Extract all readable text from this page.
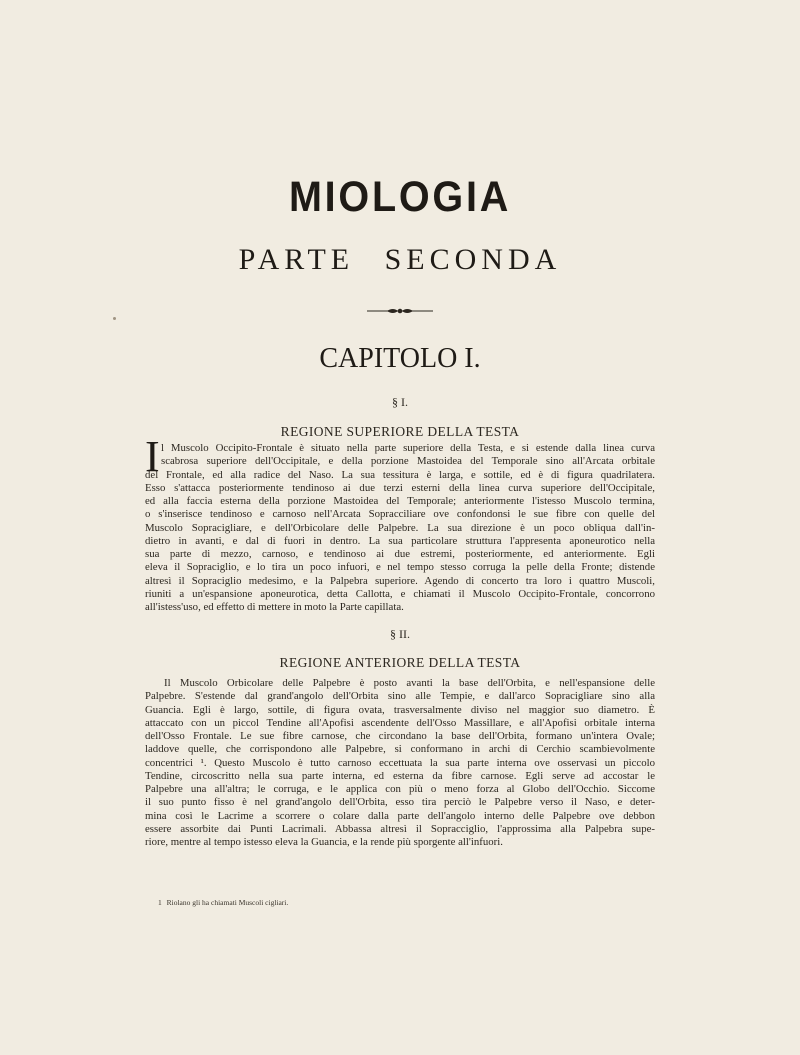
MIOLOGIA
PARTE SECONDA
CAPITOLO I.
§ I.
REGIONE SUPERIORE DELLA TESTA
I l Muscolo Occipito-Frontale è situato nella parte superiore della Testa, e si estende dalla linea curva
scabrosa superiore dell'Occipitale, e della porzione Mastoidea del Temporale sino all'Arcata orbitale
del Frontale, ed alla radice del Naso. La sua tessitura è larga, e sottile, ed è di figura quadrilatera.
Esso s'attacca posteriormente tendinoso ai due terzi esterni della linea curva superiore dell'Occipitale,
ed alla faccia esterna della porzione Mastoidea del Temporale; anteriormente l'istesso Muscolo termina,
o s'inserisce tendinoso e carnoso nell'Arcata Sopracciliare ove confondonsi le sue fibre con quelle del
Muscolo Sopracigliare, e dell'Orbicolare delle Palpebre. La sua direzione è un poco obliqua dall'in-
dietro in avanti, e dal di fuori in dentro. La sua particolare struttura l'appresenta aponeurotico nella
sua parte di mezzo, carnoso, e tendinoso ai due estremi, posteriormente, ed anteriormente. Egli
eleva il Sopraciglio, e lo tira un poco infuori, e nel tempo stesso corruga la pelle della Fronte; distende
altresì il Sopraciglio medesimo, e la Palpebra superiore. Agendo di concerto tra loro i quattro Muscoli,
riuniti a un'espansione aponeurotica, detta Callotta, e chiamati il Muscolo Occipito-Frontale, concorrono
all'istess'uso, ed effetto di mettere in moto la Parte capillata.
§ II.
REGIONE ANTERIORE DELLA TESTA
Il Muscolo Orbicolare delle Palpebre è posto avanti la base dell'Orbita, e nell'espansione delle
Palpebre. S'estende dal grand'angolo dell'Orbita sino alle Tempie, e dall'arco Sopracigliare sino alla
Guancia. Egli è largo, sottile, di figura ovata, trasversalmente diviso nel maggior suo diametro. È
attaccato con un piccol Tendine all'Apofisi ascendente dell'Osso Massillare, e all'Apofisi orbitale interna
dell'Osso Frontale. Le sue fibre carnose, che circondano la base dell'Orbita, formano un'intera Ovale;
laddove quelle, che corrispondono alle Palpebre, si conformano in archi di Cerchio scambievolmente
concentrici ¹. Questo Muscolo è tutto carnoso eccettuata la sua parte interna ove osservasi un piccolo
Tendine, circoscritto nella sua parte interna, ed esterna da fibre carnose. Egli serve ad accostar le
Palpebre una all'altra; le corruga, e le applica con più o meno forza al Globo dell'Occhio. Siccome
il suo punto fisso è nel grand'angolo dell'Orbita, esso tira perciò le Palpebre verso il Naso, e deter-
mina così le Lacrime a scorrere o colare dalla parte dell'angolo interno delle Palpebre ove debbon
essere assorbite dai Punti Lacrimali. Abbassa altresì il Sopracciglio, l'approssima alla Palpebra supe-
riore, mentre al tempo istesso eleva la Guancia, e la rende più sporgente all'infuori.
1 Riolano gli ha chiamati Muscoli cigliari.
